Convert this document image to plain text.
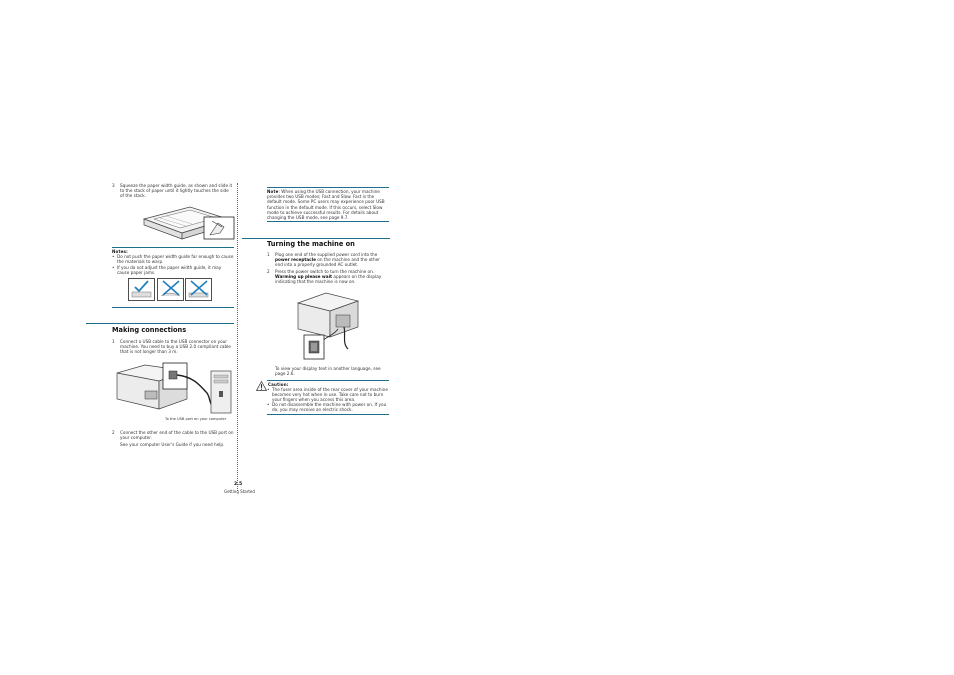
3	Squeeze the paper width guide, as shown and slide it to the stack of paper until it lightly touches the side of the stack.
Notes:
• Do not push the paper width guide far enough to cause the materials to warp.
• If you do not adjust the paper width guide, it may cause paper jams.
Making connections
1	Connect a USB cable to the USB connector on your machine. You need to buy a USB 2.0 compliant cable that is not longer than 3 m.
To the USB port on your computer
2	Connect the other end of the cable to the USB port on your computer.
See your computer User's Guide if you need help.
2.5
Getting Started
Note: When using the USB connection, your machine provides two USB modes; Fast and Slow. Fast is the default mode. Some PC users may experience poor USB function in the default mode. If this occurs, select Slow mode to achieve successful results. For details about changing the USB mode, see page 9.7.
Turning the machine on
1	Plug one end of the supplied power cord into the power receptacle on the machine and the other end into a properly grounded AC outlet.
2	Press the power switch to turn the machine on. Warming up please wait appears on the display indicating that the machine is now on.
To view your display text in another language, see page 2.6.
Caution:
• The fuser area inside of the rear cover of your machine becomes very hot when in use. Take care not to burn your fingers when you access this area.
• Do not disassemble the machine with power on. If you do, you may receive an electric shock.
